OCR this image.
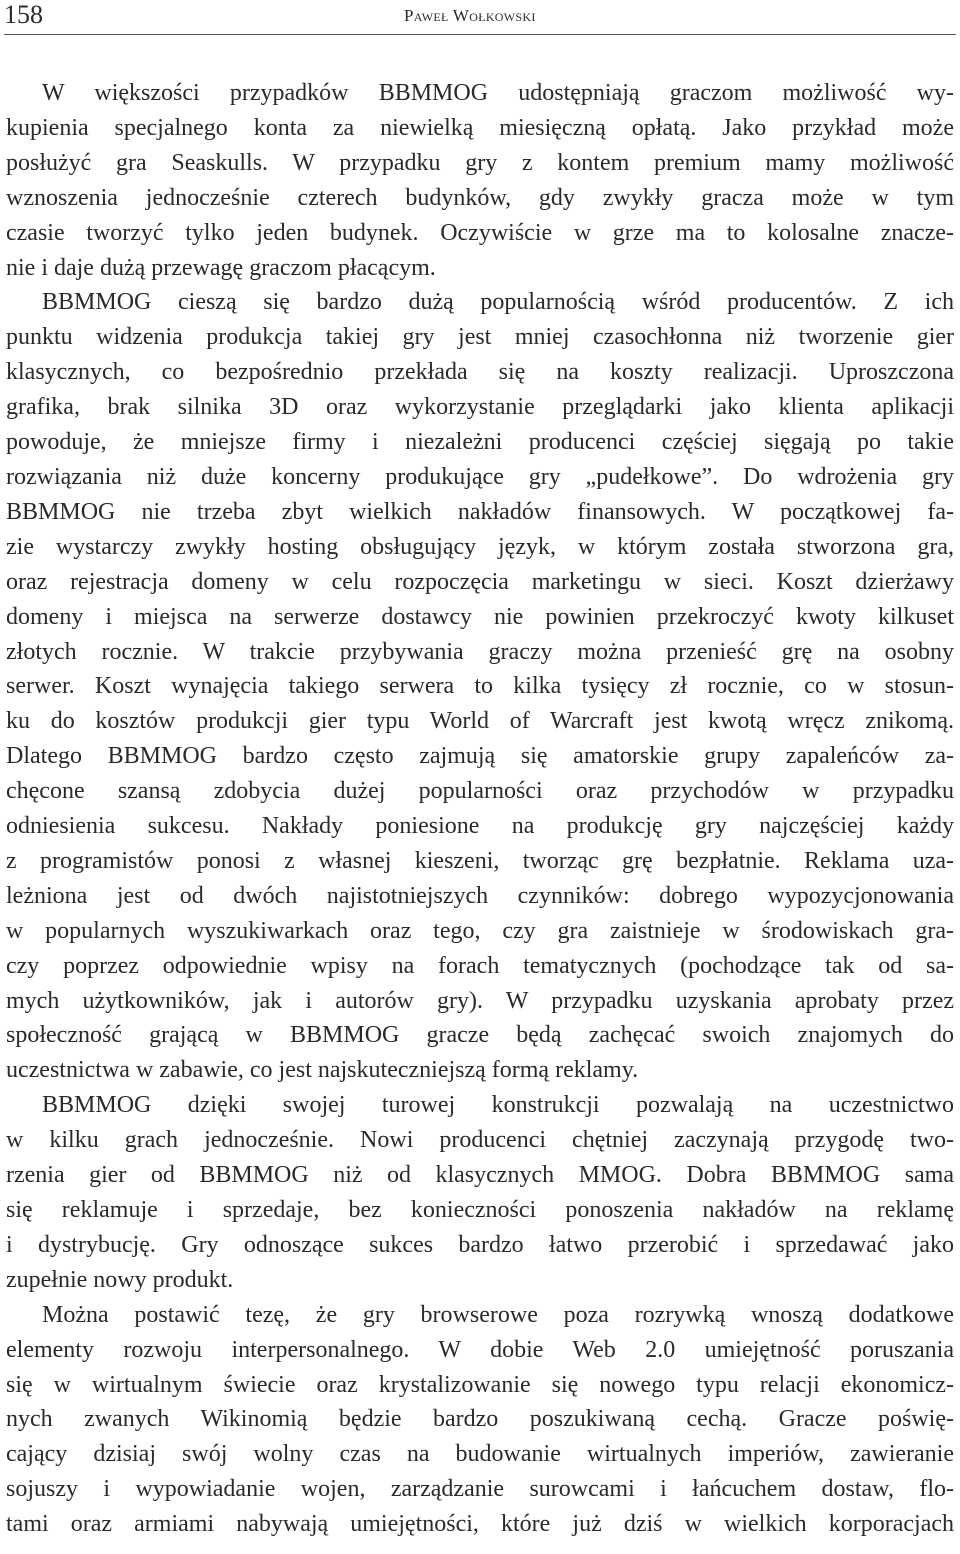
158	Paweł Wołkowski
W większości przypadków BBMMOG udostępniają graczom możliwość wy-
kupienia specjalnego konta za niewielką miesięczną opłatą. Jako przykład może
posłużyć gra Seaskulls. W przypadku gry z kontem premium mamy możliwość
wznoszenia jednocześnie czterech budynków, gdy zwykły gracza może w tym
czasie tworzyć tylko jeden budynek. Oczywiście w grze ma to kolosalne znacze-
nie i daje dużą przewagę graczom płacącym.
BBMMOG cieszą się bardzo dużą popularnością wśród producentów. Z ich
punktu widzenia produkcja takiej gry jest mniej czasochłonna niż tworzenie gier
klasycznych, co bezpośrednio przekłada się na koszty realizacji. Uproszczona
grafika, brak silnika 3D oraz wykorzystanie przeglądarki jako klienta aplikacji
powoduje, że mniejsze firmy i niezależni producenci częściej sięgają po takie
rozwiązania niż duże koncerny produkujące gry „pudełkowe”. Do wdrożenia gry
BBMMOG nie trzeba zbyt wielkich nakładów finansowych. W początkowej fa-
zie wystarczy zwykły hosting obsługujący język, w którym została stworzona gra,
oraz rejestracja domeny w celu rozpoczęcia marketingu w sieci. Koszt dzierżawy
domeny i miejsca na serwerze dostawcy nie powinien przekroczyć kwoty kilkuset
złotych rocznie. W trakcie przybywania graczy można przenieść grę na osobny
serwer. Koszt wynajęcia takiego serwera to kilka tysięcy zł rocznie, co w stosun-
ku do kosztów produkcji gier typu World of Warcraft jest kwotą wręcz znikomą.
Dlatego BBMMOG bardzo często zajmują się amatorskie grupy zapaleńców za-
chęcone szansą zdobycia dużej popularności oraz przychodów w przypadku
odniesienia sukcesu. Nakłady poniesione na produkcję gry najczęściej każdy
z programistów ponosi z własnej kieszeni, tworząc grę bezpłatnie. Reklama uza-
leżniona jest od dwóch najistotniejszych czynników: dobrego wypozycjonowania
w popularnych wyszukiwarkach oraz tego, czy gra zaistnieje w środowiskach gra-
czy poprzez odpowiednie wpisy na forach tematycznych (pochodzące tak od sa-
mych użytkowników, jak i autorów gry). W przypadku uzyskania aprobaty przez
społeczność grającą w BBMMOG gracze będą zachęcać swoich znajomych do
uczestnictwa w zabawie, co jest najskuteczniejszą formą reklamy.
BBMMOG dzięki swojej turowej konstrukcji pozwalają na uczestnictwo
w kilku grach jednocześnie. Nowi producenci chętniej zaczynają przygodę two-
rzenia gier od BBMMOG niż od klasycznych MMOG. Dobra BBMMOG sama
się reklamuje i sprzedaje, bez konieczności ponoszenia nakładów na reklamę
i dystrybucję. Gry odnoszące sukces bardzo łatwo przerobić i sprzedawać jako
zupełnie nowy produkt.
Można postawić tezę, że gry browserowe poza rozrywką wnoszą dodatkowe
elementy rozwoju interpersonalnego. W dobie Web 2.0 umiejętność poruszania
się w wirtualnym świecie oraz krystalizowanie się nowego typu relacji ekonomicz-
nych zwanych Wikinomią będzie bardzo poszukiwaną cechą. Gracze poświę-
cający dzisiaj swój wolny czas na budowanie wirtualnych imperiów, zawieranie
sojuszy i wypowiadanie wojen, zarządzanie surowcami i łańcuchem dostaw, flo-
tami oraz armiami nabywają umiejętności, które już dziś w wielkich korporacjach
